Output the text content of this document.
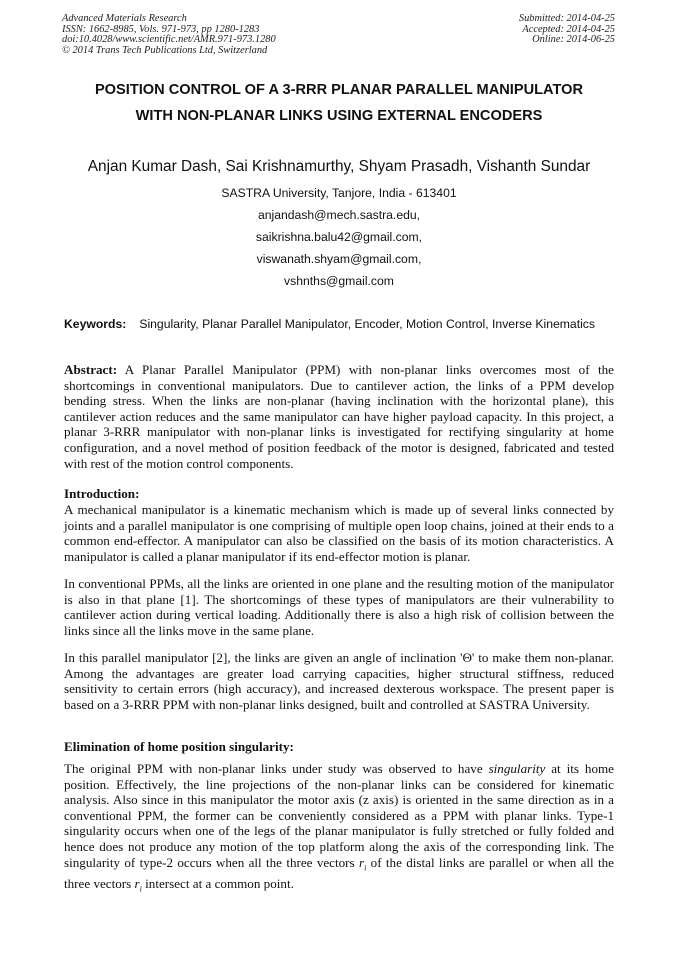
Advanced Materials Research
ISSN: 1662-8985, Vols. 971-973, pp 1280-1283
doi:10.4028/www.scientific.net/AMR.971-973.1280
© 2014 Trans Tech Publications Ltd, Switzerland
Submitted: 2014-04-25
Accepted: 2014-04-25
Online: 2014-06-25
POSITION CONTROL OF A 3-RRR PLANAR PARALLEL MANIPULATOR
WITH NON-PLANAR LINKS USING EXTERNAL ENCODERS
Anjan Kumar Dash, Sai Krishnamurthy, Shyam Prasadh, Vishanth Sundar
SASTRA University, Tanjore, India - 613401
anjandash@mech.sastra.edu,
saikrishna.balu42@gmail.com,
viswanath.shyam@gmail.com,
vshnths@gmail.com
Keywords: Singularity, Planar Parallel Manipulator, Encoder, Motion Control, Inverse Kinematics
Abstract: A Planar Parallel Manipulator (PPM) with non-planar links overcomes most of the shortcomings in conventional manipulators. Due to cantilever action, the links of a PPM develop bending stress. When the links are non-planar (having inclination with the horizontal plane), this cantilever action reduces and the same manipulator can have higher payload capacity. In this project, a planar 3-RRR manipulator with non-planar links is investigated for rectifying singularity at home configuration, and a novel method of position feedback of the motor is designed, fabricated and tested with rest of the motion control components.
Introduction:
A mechanical manipulator is a kinematic mechanism which is made up of several links connected by joints and a parallel manipulator is one comprising of multiple open loop chains, joined at their ends to a common end-effector. A manipulator can also be classified on the basis of its motion characteristics. A manipulator is called a planar manipulator if its end-effector motion is planar.
In conventional PPMs, all the links are oriented in one plane and the resulting motion of the manipulator is also in that plane [1]. The shortcomings of these types of manipulators are their vulnerability to cantilever action during vertical loading. Additionally there is also a high risk of collision between the links since all the links move in the same plane.
In this parallel manipulator [2], the links are given an angle of inclination 'Θ' to make them non-planar. Among the advantages are greater load carrying capacities, higher structural stiffness, reduced sensitivity to certain errors (high accuracy), and increased dexterous workspace. The present paper is based on a 3-RRR PPM with non-planar links designed, built and controlled at SASTRA University.
Elimination of home position singularity:
The original PPM with non-planar links under study was observed to have singularity at its home position. Effectively, the line projections of the non-planar links can be considered for kinematic analysis. Also since in this manipulator the motor axis (z axis) is oriented in the same direction as in a conventional PPM, the former can be conveniently considered as a PPM with planar links. Type-1 singularity occurs when one of the legs of the planar manipulator is fully stretched or fully folded and hence does not produce any motion of the top platform along the axis of the corresponding link. The singularity of type-2 occurs when all the three vectors $r_i$ of the distal links are parallel or when all the three vectors $r_i$ intersect at a common point.
